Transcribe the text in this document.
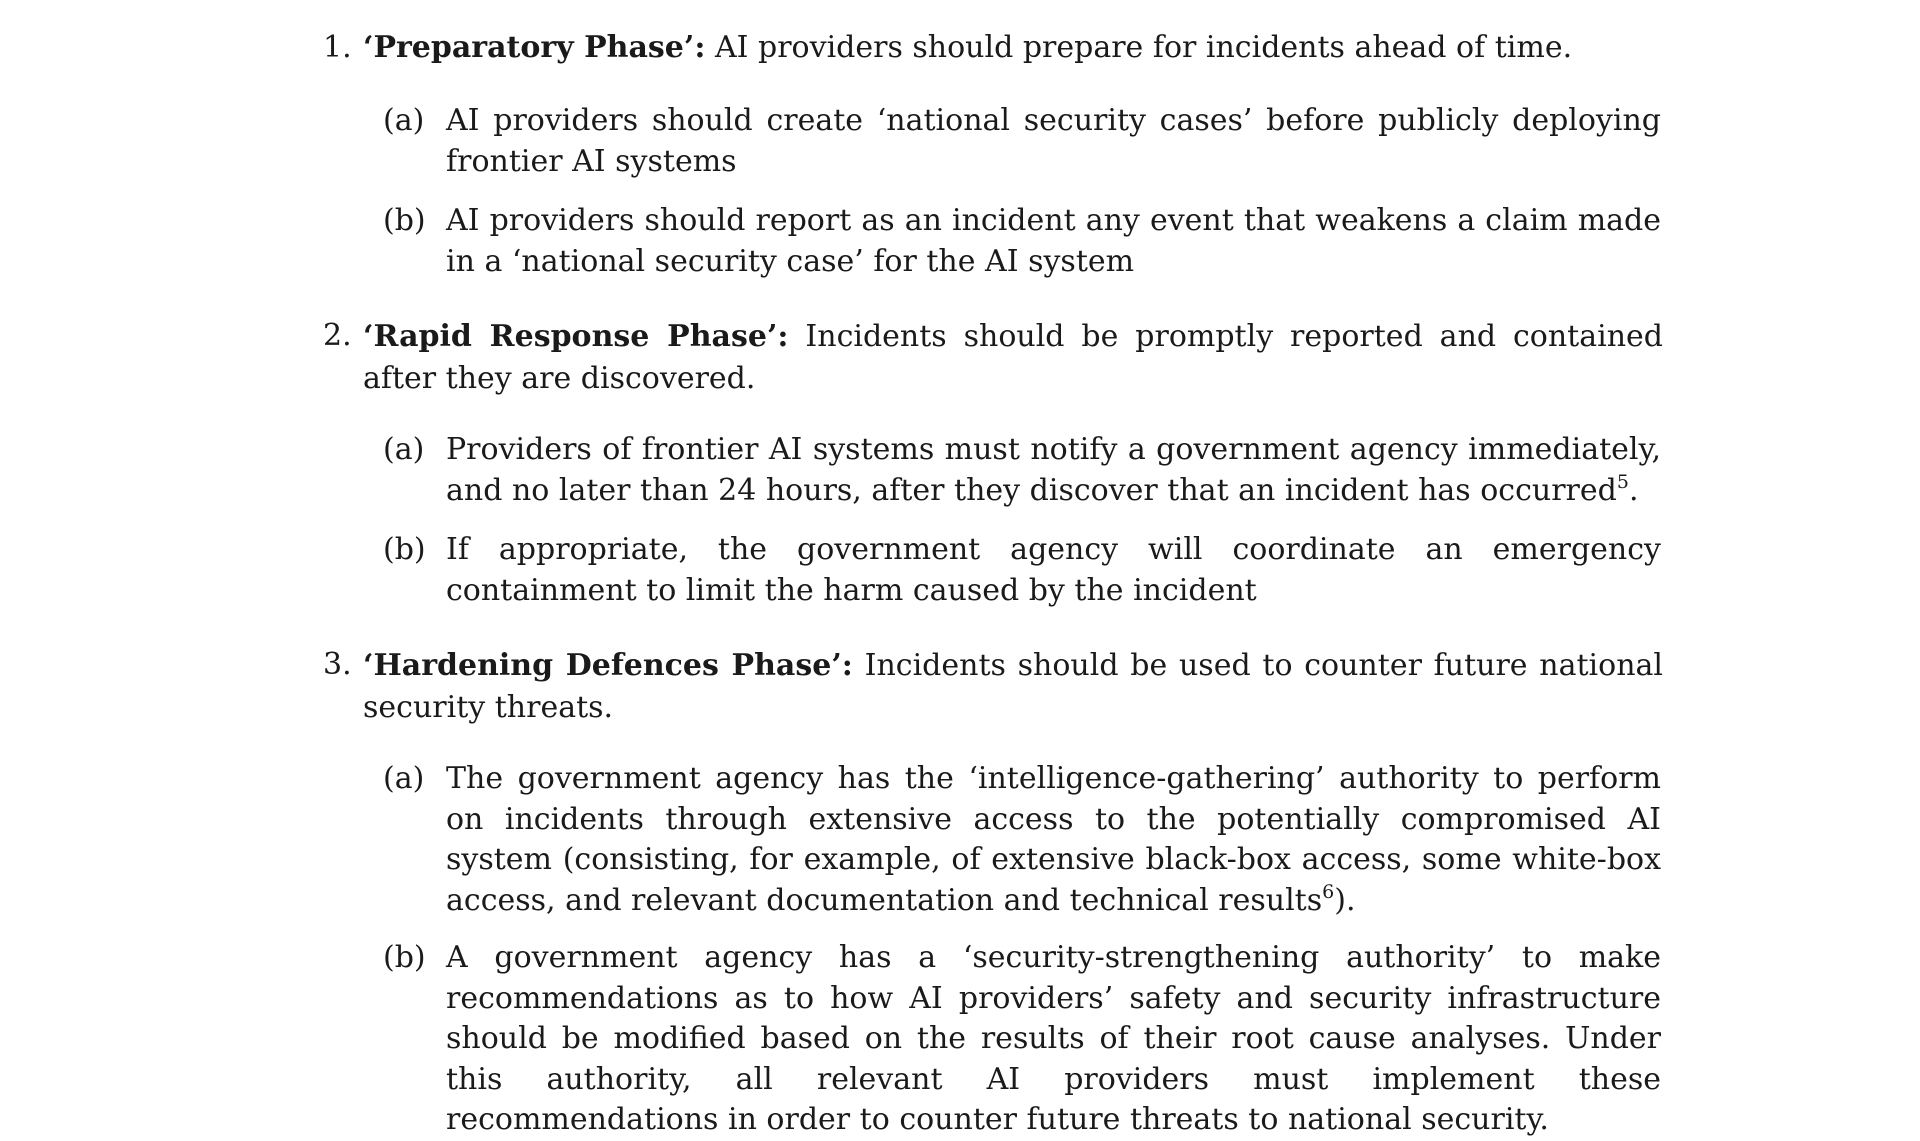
1. ‘Preparatory Phase’: AI providers should prepare for incidents ahead of time.
(a) AI providers should create ‘national security cases’ before publicly deploying frontier AI systems
(b) AI providers should report as an incident any event that weakens a claim made in a ‘national security case’ for the AI system
2. ‘Rapid Response Phase’: Incidents should be promptly reported and contained after they are discovered.
(a) Providers of frontier AI systems must notify a government agency immediately, and no later than 24 hours, after they discover that an incident has occurred$^5$.
(b) If appropriate, the government agency will coordinate an emergency containment to limit the harm caused by the incident
3. ‘Hardening Defences Phase’: Incidents should be used to counter future national security threats.
(a) The government agency has the ‘intelligence-gathering’ authority to perform on incidents through extensive access to the potentially compromised AI system (consisting, for example, of extensive black-box access, some white-box access, and relevant documentation and technical results$^6$).
(b) A government agency has a ‘security-strengthening authority’ to make recommendations as to how AI providers’ safety and security infrastructure should be modified based on the results of their root cause analyses. Under this authority, all relevant AI providers must implement these recommendations in order to counter future threats to national security.
